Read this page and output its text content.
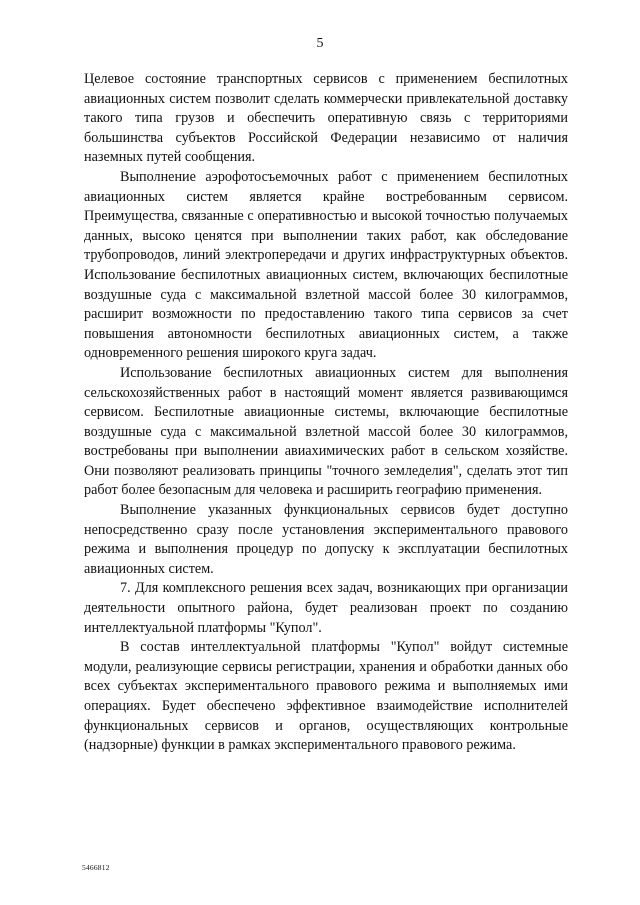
5

Целевое состояние транспортных сервисов с применением беспилотных авиационных систем позволит сделать коммерчески привлекательной доставку такого типа грузов и обеспечить оперативную связь с территориями большинства субъектов Российской Федерации независимо от наличия наземных путей сообщения.

Выполнение аэрофотосъемочных работ с применением беспилотных авиационных систем является крайне востребованным сервисом. Преимущества, связанные с оперативностью и высокой точностью получаемых данных, высоко ценятся при выполнении таких работ, как обследование трубопроводов, линий электропередачи и других инфраструктурных объектов. Использование беспилотных авиационных систем, включающих беспилотные воздушные суда с максимальной взлетной массой более 30 килограммов, расширит возможности по предоставлению такого типа сервисов за счет повышения автономности беспилотных авиационных систем, а также одновременного решения широкого круга задач.

Использование беспилотных авиационных систем для выполнения сельскохозяйственных работ в настоящий момент является развивающимся сервисом. Беспилотные авиационные системы, включающие беспилотные воздушные суда с максимальной взлетной массой более 30 килограммов, востребованы при выполнении авиахимических работ в сельском хозяйстве. Они позволяют реализовать принципы "точного земледелия", сделать этот тип работ более безопасным для человека и расширить географию применения.

Выполнение указанных функциональных сервисов будет доступно непосредственно сразу после установления экспериментального правового режима и выполнения процедур по допуску к эксплуатации беспилотных авиационных систем.

7. Для комплексного решения всех задач, возникающих при организации деятельности опытного района, будет реализован проект по созданию интеллектуальной платформы "Купол".

В состав интеллектуальной платформы "Купол" войдут системные модули, реализующие сервисы регистрации, хранения и обработки данных обо всех субъектах экспериментального правового режима и выполняемых ими операциях. Будет обеспечено эффективное взаимодействие исполнителей функциональных сервисов и органов, осуществляющих контрольные (надзорные) функции в рамках экспериментального правового режима.

5466812
